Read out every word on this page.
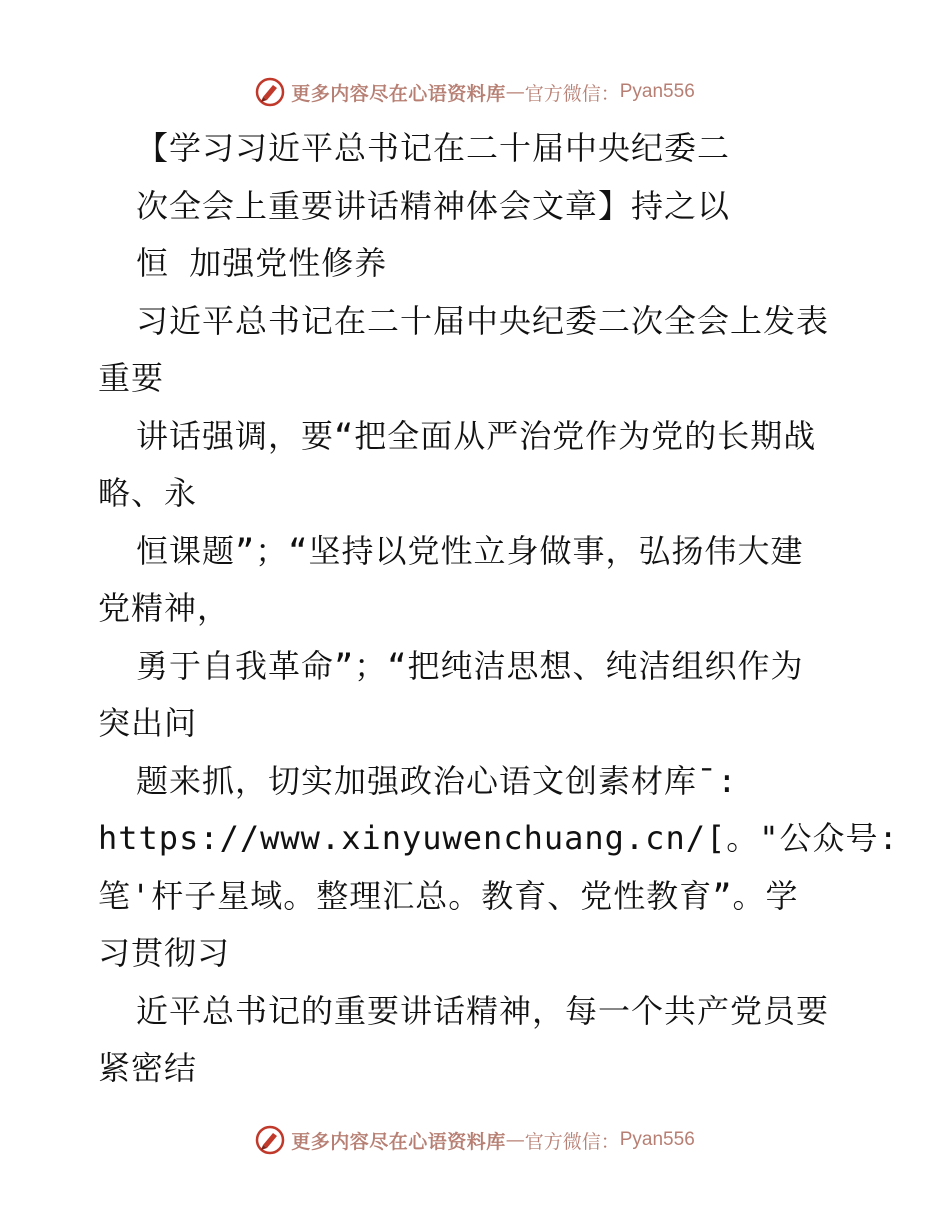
更多内容尽在心语资料库 — 官方微信： Pyan556
【学习习近平总书记在二十届中央纪委二
次全会上重要讲话精神体会文章】持之以
恒 加强党性修养
习近平总书记在二十届中央纪委二次全会上发表
重要
讲话强调，要“把全面从严治党作为党的长期战
略、永
恒课题”；“坚持以党性立身做事，弘扬伟大建
党精神，
勇于自我革命”；“把纯洁思想、纯洁组织作为
突出问
题来抓，切实加强政治心语文创素材库¯:
https://www.xinyuwenchuang.cn/[。"公众号:
笔'杆子星域。整理汇总。教育、党性教育”。学
习贯彻习
近平总书记的重要讲话精神，每一个共产党员要
紧密结
更多内容尽在心语资料库 — 官方微信： Pyan556
